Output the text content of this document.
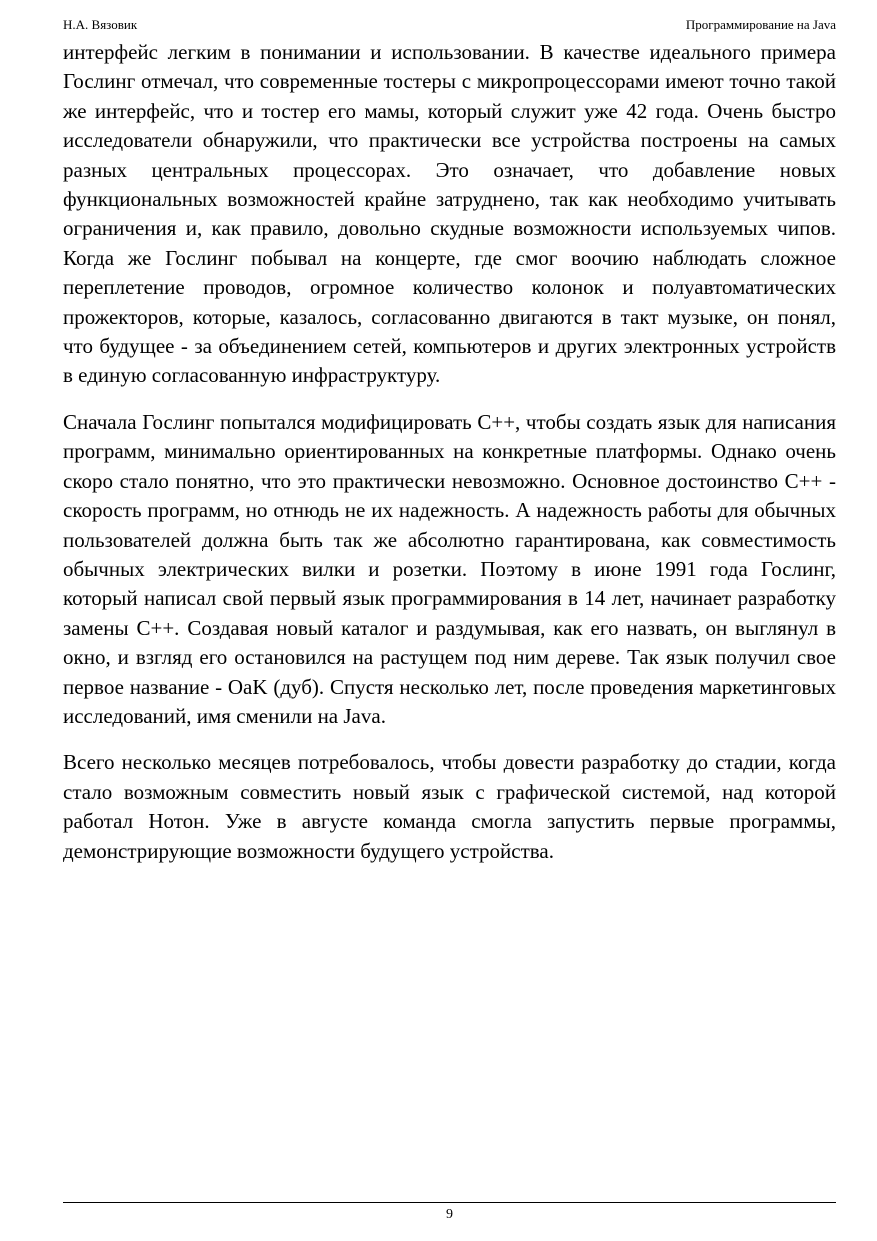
Н.А. Вязовик	Программирование на Java

интерфейс легким в понимании и использовании. В качестве идеального примера Гослинг отмечал, что современные тостеры с микропроцессорами имеют точно такой же интерфейс, что и тостер его мамы, который служит уже 42 года. Очень быстро исследователи обнаружили, что практически все устройства построены на самых разных центральных процессорах. Это означает, что добавление новых функциональных возможностей крайне затруднено, так как необходимо учитывать ограничения и, как правило, довольно скудные возможности используемых чипов. Когда же Гослинг побывал на концерте, где смог воочию наблюдать сложное переплетение проводов, огромное количество колонок и полуавтоматических прожекторов, которые, казалось, согласованно двигаются в такт музыке, он понял, что будущее - за объединением сетей, компьютеров и других электронных устройств в единую согласованную инфраструктуру.

Сначала Гослинг попытался модифицировать C++, чтобы создать язык для написания программ, минимально ориентированных на конкретные платформы. Однако очень скоро стало понятно, что это практически невозможно. Основное достоинство C++ - скорость программ, но отнюдь не их надежность. А надежность работы для обычных пользователей должна быть так же абсолютно гарантирована, как совместимость обычных электрических вилки и розетки. Поэтому в июне 1991 года Гослинг, который написал свой первый язык программирования в 14 лет, начинает разработку замены C++. Создавая новый каталог и раздумывая, как его назвать, он выглянул в окно, и взгляд его остановился на растущем под ним дереве. Так язык получил свое первое название - OaK (дуб). Спустя несколько лет, после проведения маркетинговых исследований, имя сменили на Java.

Всего несколько месяцев потребовалось, чтобы довести разработку до стадии, когда стало возможным совместить новый язык с графической системой, над которой работал Нотон. Уже в августе команда смогла запустить первые программы, демонстрирующие возможности будущего устройства.

9
